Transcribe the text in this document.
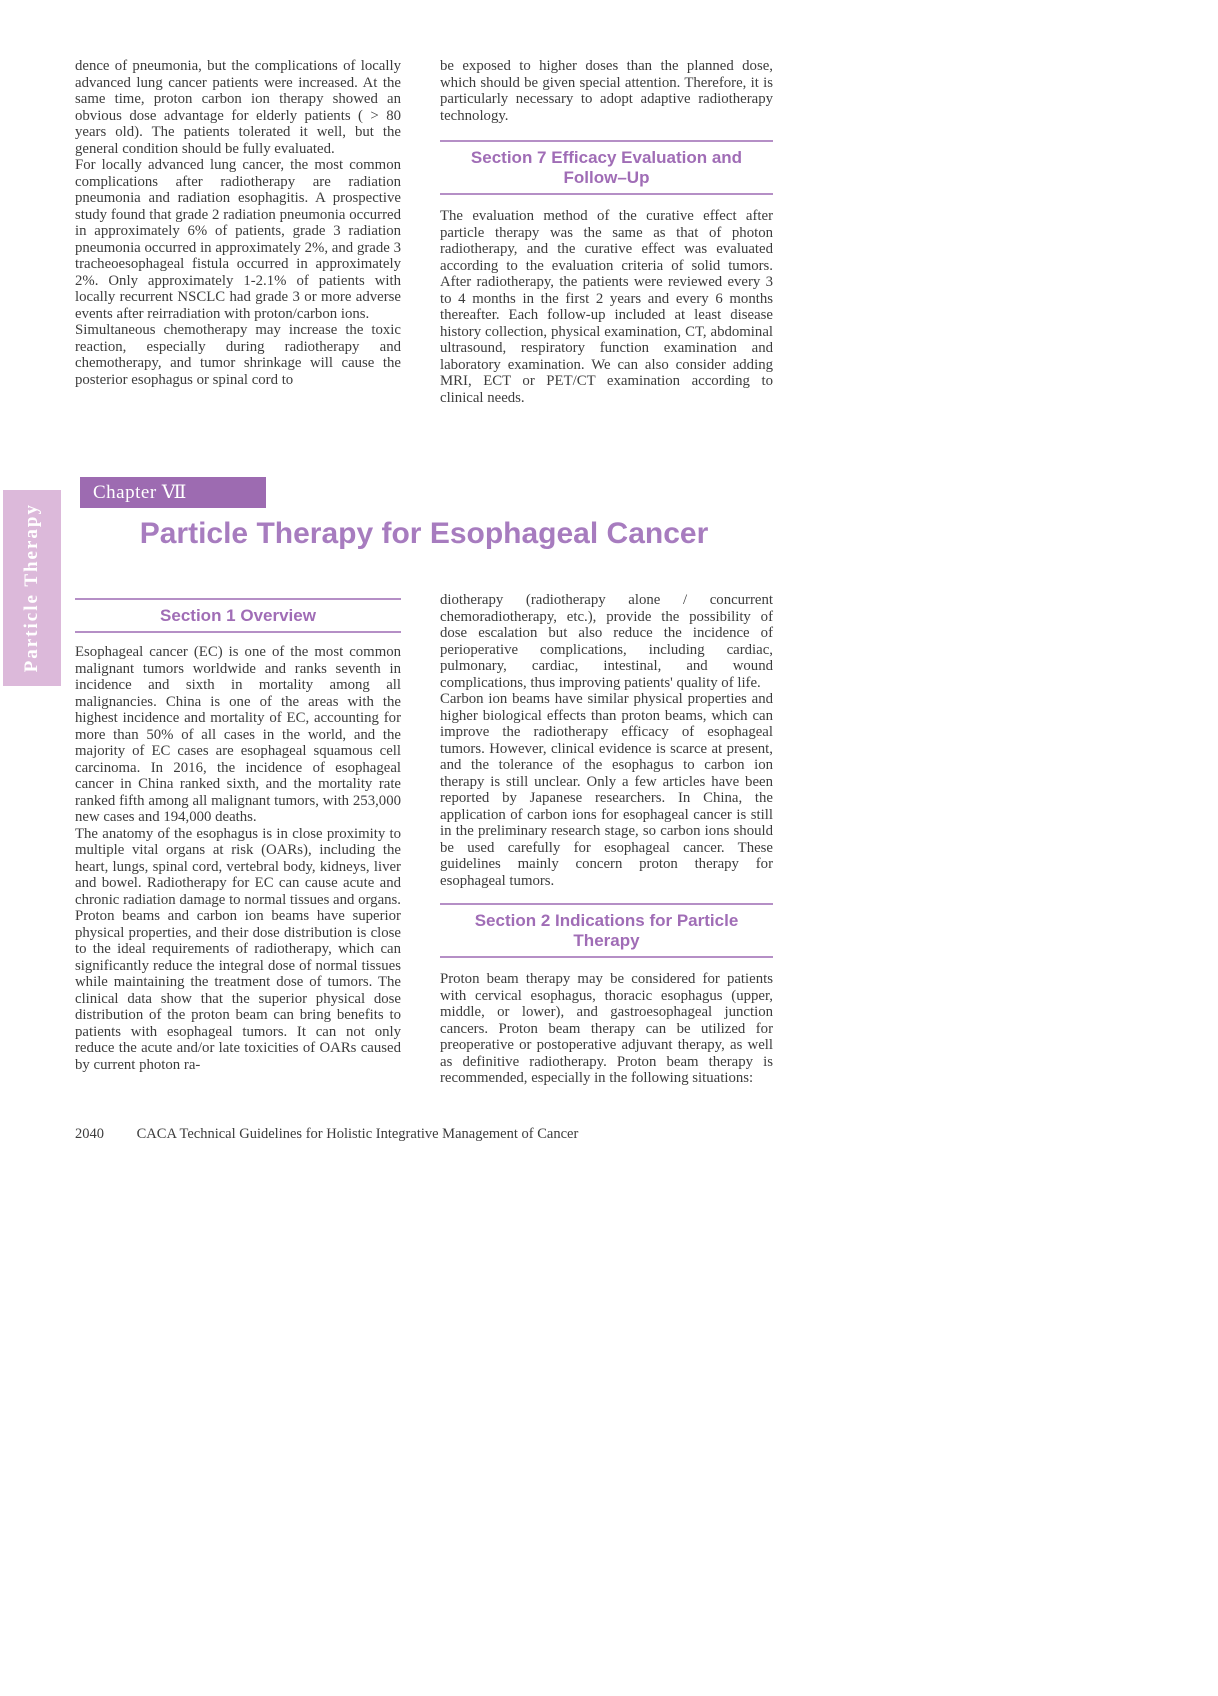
Particle Therapy

dence of pneumonia, but the complications of locally advanced lung cancer patients were increased. At the same time, proton carbon ion therapy showed an obvious dose advantage for elderly patients ( > 80 years old). The patients tolerated it well, but the general condition should be fully evaluated.

For locally advanced lung cancer, the most common complications after radiotherapy are radiation pneumonia and radiation esophagitis. A prospective study found that grade 2 radiation pneumonia occurred in approximately 6% of patients, grade 3 radiation pneumonia occurred in approximately 2%, and grade 3 tracheoesophageal fistula occurred in approximately 2%. Only approximately 1-2.1% of patients with locally recurrent NSCLC had grade 3 or more adverse events after reirradiation with proton/carbon ions.

Simultaneous chemotherapy may increase the toxic reaction, especially during radiotherapy and chemotherapy, and tumor shrinkage will cause the posterior esophagus or spinal cord to

be exposed to higher doses than the planned dose, which should be given special attention. Therefore, it is particularly necessary to adopt adaptive radiotherapy technology.

Section 7 Efficacy Evaluation and Follow–Up

The evaluation method of the curative effect after particle therapy was the same as that of photon radiotherapy, and the curative effect was evaluated according to the evaluation criteria of solid tumors. After radiotherapy, the patients were reviewed every 3 to 4 months in the first 2 years and every 6 months thereafter. Each follow-up included at least disease history collection, physical examination, CT, abdominal ultrasound, respiratory function examination and laboratory examination. We can also consider adding MRI, ECT or PET/CT examination according to clinical needs.

Chapter Ⅶ
Particle Therapy for Esophageal Cancer
Section 1 Overview

Esophageal cancer (EC) is one of the most common malignant tumors worldwide and ranks seventh in incidence and sixth in mortality among all malignancies. China is one of the areas with the highest incidence and mortality of EC, accounting for more than 50% of all cases in the world, and the majority of EC cases are esophageal squamous cell carcinoma. In 2016, the incidence of esophageal cancer in China ranked sixth, and the mortality rate ranked fifth among all malignant tumors, with 253,000 new cases and 194,000 deaths.

The anatomy of the esophagus is in close proximity to multiple vital organs at risk (OARs), including the heart, lungs, spinal cord, vertebral body, kidneys, liver and bowel. Radiotherapy for EC can cause acute and chronic radiation damage to normal tissues and organs. Proton beams and carbon ion beams have superior physical properties, and their dose distribution is close to the ideal requirements of radiotherapy, which can significantly reduce the integral dose of normal tissues while maintaining the treatment dose of tumors. The clinical data show that the superior physical dose distribution of the proton beam can bring benefits to patients with esophageal tumors. It can not only reduce the acute and/or late toxicities of OARs caused by current photon ra-

diotherapy (radiotherapy alone / concurrent chemoradiotherapy, etc.), provide the possibility of dose escalation but also reduce the incidence of perioperative complications, including cardiac, pulmonary, cardiac, intestinal, and wound complications, thus improving patients' quality of life.

Carbon ion beams have similar physical properties and higher biological effects than proton beams, which can improve the radiotherapy efficacy of esophageal tumors. However, clinical evidence is scarce at present, and the tolerance of the esophagus to carbon ion therapy is still unclear. Only a few articles have been reported by Japanese researchers. In China, the application of carbon ions for esophageal cancer is still in the preliminary research stage, so carbon ions should be used carefully for esophageal cancer. These guidelines mainly concern proton therapy for esophageal tumors.

Section 2 Indications for Particle Therapy

Proton beam therapy may be considered for patients with cervical esophagus, thoracic esophagus (upper, middle, or lower), and gastroesophageal junction cancers. Proton beam therapy can be utilized for preoperative or postoperative adjuvant therapy, as well as definitive radiotherapy. Proton beam therapy is recommended, especially in the following situations:

2040 CACA Technical Guidelines for Holistic Integrative Management of Cancer
